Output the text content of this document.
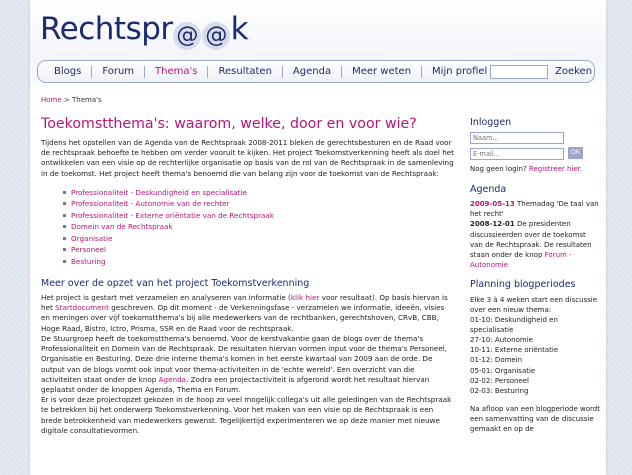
Rechtspr @ @ k
Blogs	Forum	Thema's	Resultaten	Agenda	Meer weten	Mijn profiel	Zoeken
Home > Thema's
Toekomstthema's: waarom, welke, door en voor wie?

Tijdens het opstellen van de Agenda van de Rechtspraak 2008-2011 bleken de gerechtsbesturen en de Raad voor de rechtspraak behoefte te hebben om verder vooruit te kijken. Het project Toekomstverkenning heeft als doel het ontwikkelen van een visie op de rechterlijke organisatie op basis van de rol van de Rechtspraak in de samenleving in de toekomst. Het project heeft thema's benoemd die van belang zijn voor de toekomst van de Rechtspraak:

Professionaliteit - Deskundigheid en specialisatie
Professionaliteit - Autonomie van de rechter
Professionaliteit - Externe oriëntatie van de Rechtspraak
Domein van de Rechtspraak
Organisatie
Personeel
Besturing
Meer over de opzet van het project Toekomstverkenning

Het project is gestart met verzamelen en analyseren van informatie (klik hier voor resultaat). Op basis hiervan is het Startdocument geschreven. Op dit moment - de Verkenningsfase - verzamelen we informatie, ideeën, visies en meningen over vijf toekomstthema's bij alle medewerkers van de rechtbanken, gerechtshoven, CRvB, CBB, Hoge Raad, Bistro, Ictro, Prisma, SSR en de Raad voor de rechtspraak.
De Stuurgroep heeft de toekomstthema's benoemd. Voor de kerstvakantie gaan de blogs over de thema's Professionaliteit en Domein van de Rechtspraak. De resultaten hiervan vormen input voor de thema's Personeel, Organisatie en Besturing. Deze drie interne thema's komen in het eerste kwartaal van 2009 aan de orde. De output van de blogs vormt ook input voor thema-activiteiten in de 'echte wereld'. Een overzicht van die activiteiten staat onder de knop Agenda. Zodra een projectactiviteit is afgerond wordt het resultaat hiervan geplaatst onder de knoppen Agenda, Thema en Forum.
Er is voor deze projectopzet gekozen in de hoop zo veel mogelijk collega's uit alle geledingen van de Rechtspraak te betrekken bij het onderwerp Toekomstverkenning. Voor het maken van een visie op de Rechtspraak is een brede betrokkenheid van medewerkers gewenst. Tegelijkertijd experimenteren we op deze manier met nieuwe digitale consultatievormen.

Inloggen
Naam... E-mail...
OK
Nog geen login? Registreer hier.
Agenda
2009-05-13 Themadag 'De taal van het recht'
2008-12-01 De presidenten discussieerden over de toekomst van de Rechtspraak. De resultaten staan onder de knop Forum - Autonomie
Planning blogperiodes
Elke 3 à 4 weken start een discussie over een nieuw thema:
01-10: Deskundigheid en specialisatie
27-10: Autonomie
10-11: Externe oriëntatie
01-12: Domein
05-01: Organisatie
02-02: Personeel
02-03: Besturing
Na afloop van een blogperiode wordt een samenvatting van de discussie gemaakt en op de
